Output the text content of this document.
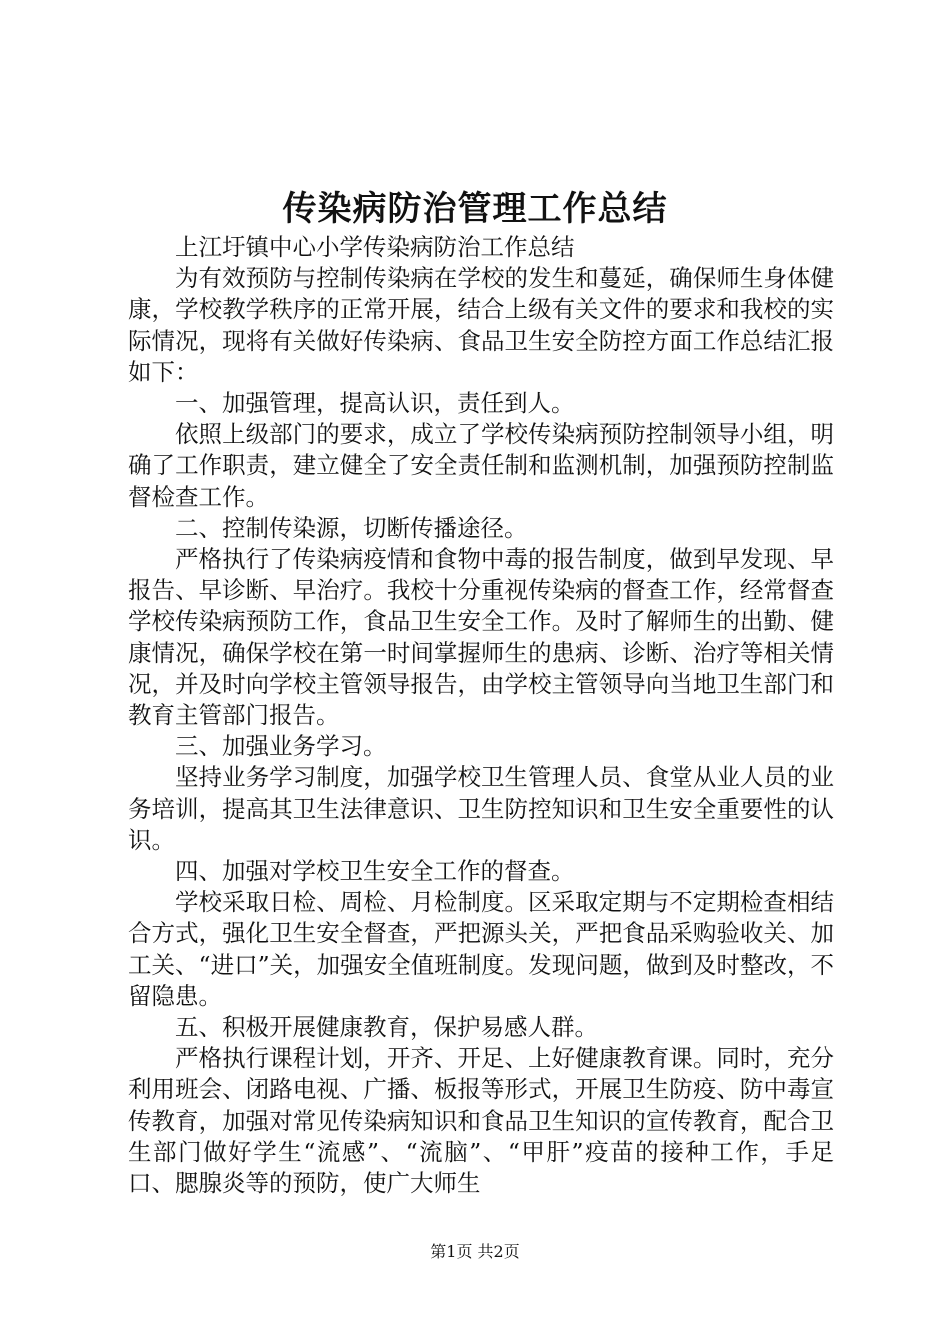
传染病防治管理工作总结

上江圩镇中心小学传染病防治工作总结

为有效预防与控制传染病在学校的发生和蔓延，确保师生身体健康，学校教学秩序的正常开展，结合上级有关文件的要求和我校的实际情况，现将有关做好传染病、食品卫生安全防控方面工作总结汇报如下：

一、加强管理，提高认识，责任到人。

依照上级部门的要求，成立了学校传染病预防控制领导小组，明确了工作职责，建立健全了安全责任制和监测机制，加强预防控制监督检查工作。

二、控制传染源，切断传播途径。

严格执行了传染病疫情和食物中毒的报告制度，做到早发现、早报告、早诊断、早治疗。我校十分重视传染病的督查工作，经常督查学校传染病预防工作，食品卫生安全工作。及时了解师生的出勤、健康情况，确保学校在第一时间掌握师生的患病、诊断、治疗等相关情况，并及时向学校主管领导报告，由学校主管领导向当地卫生部门和教育主管部门报告。

三、加强业务学习。

坚持业务学习制度，加强学校卫生管理人员、食堂从业人员的业务培训，提高其卫生法律意识、卫生防控知识和卫生安全重要性的认识。

四、加强对学校卫生安全工作的督查。

学校采取日检、周检、月检制度。区采取定期与不定期检查相结合方式，强化卫生安全督查，严把源头关，严把食品采购验收关、加工关、“进口”关，加强安全值班制度。发现问题，做到及时整改，不留隐患。

五、积极开展健康教育，保护易感人群。

严格执行课程计划，开齐、开足、上好健康教育课。同时，充分利用班会、闭路电视、广播、板报等形式，开展卫生防疫、防中毒宣传教育，加强对常见传染病知识和食品卫生知识的宣传教育，配合卫生部门做好学生“流感”、“流脑”、“甲肝”疫苗的接种工作，手足口、腮腺炎等的预防，使广大师生

第1页 共2页
